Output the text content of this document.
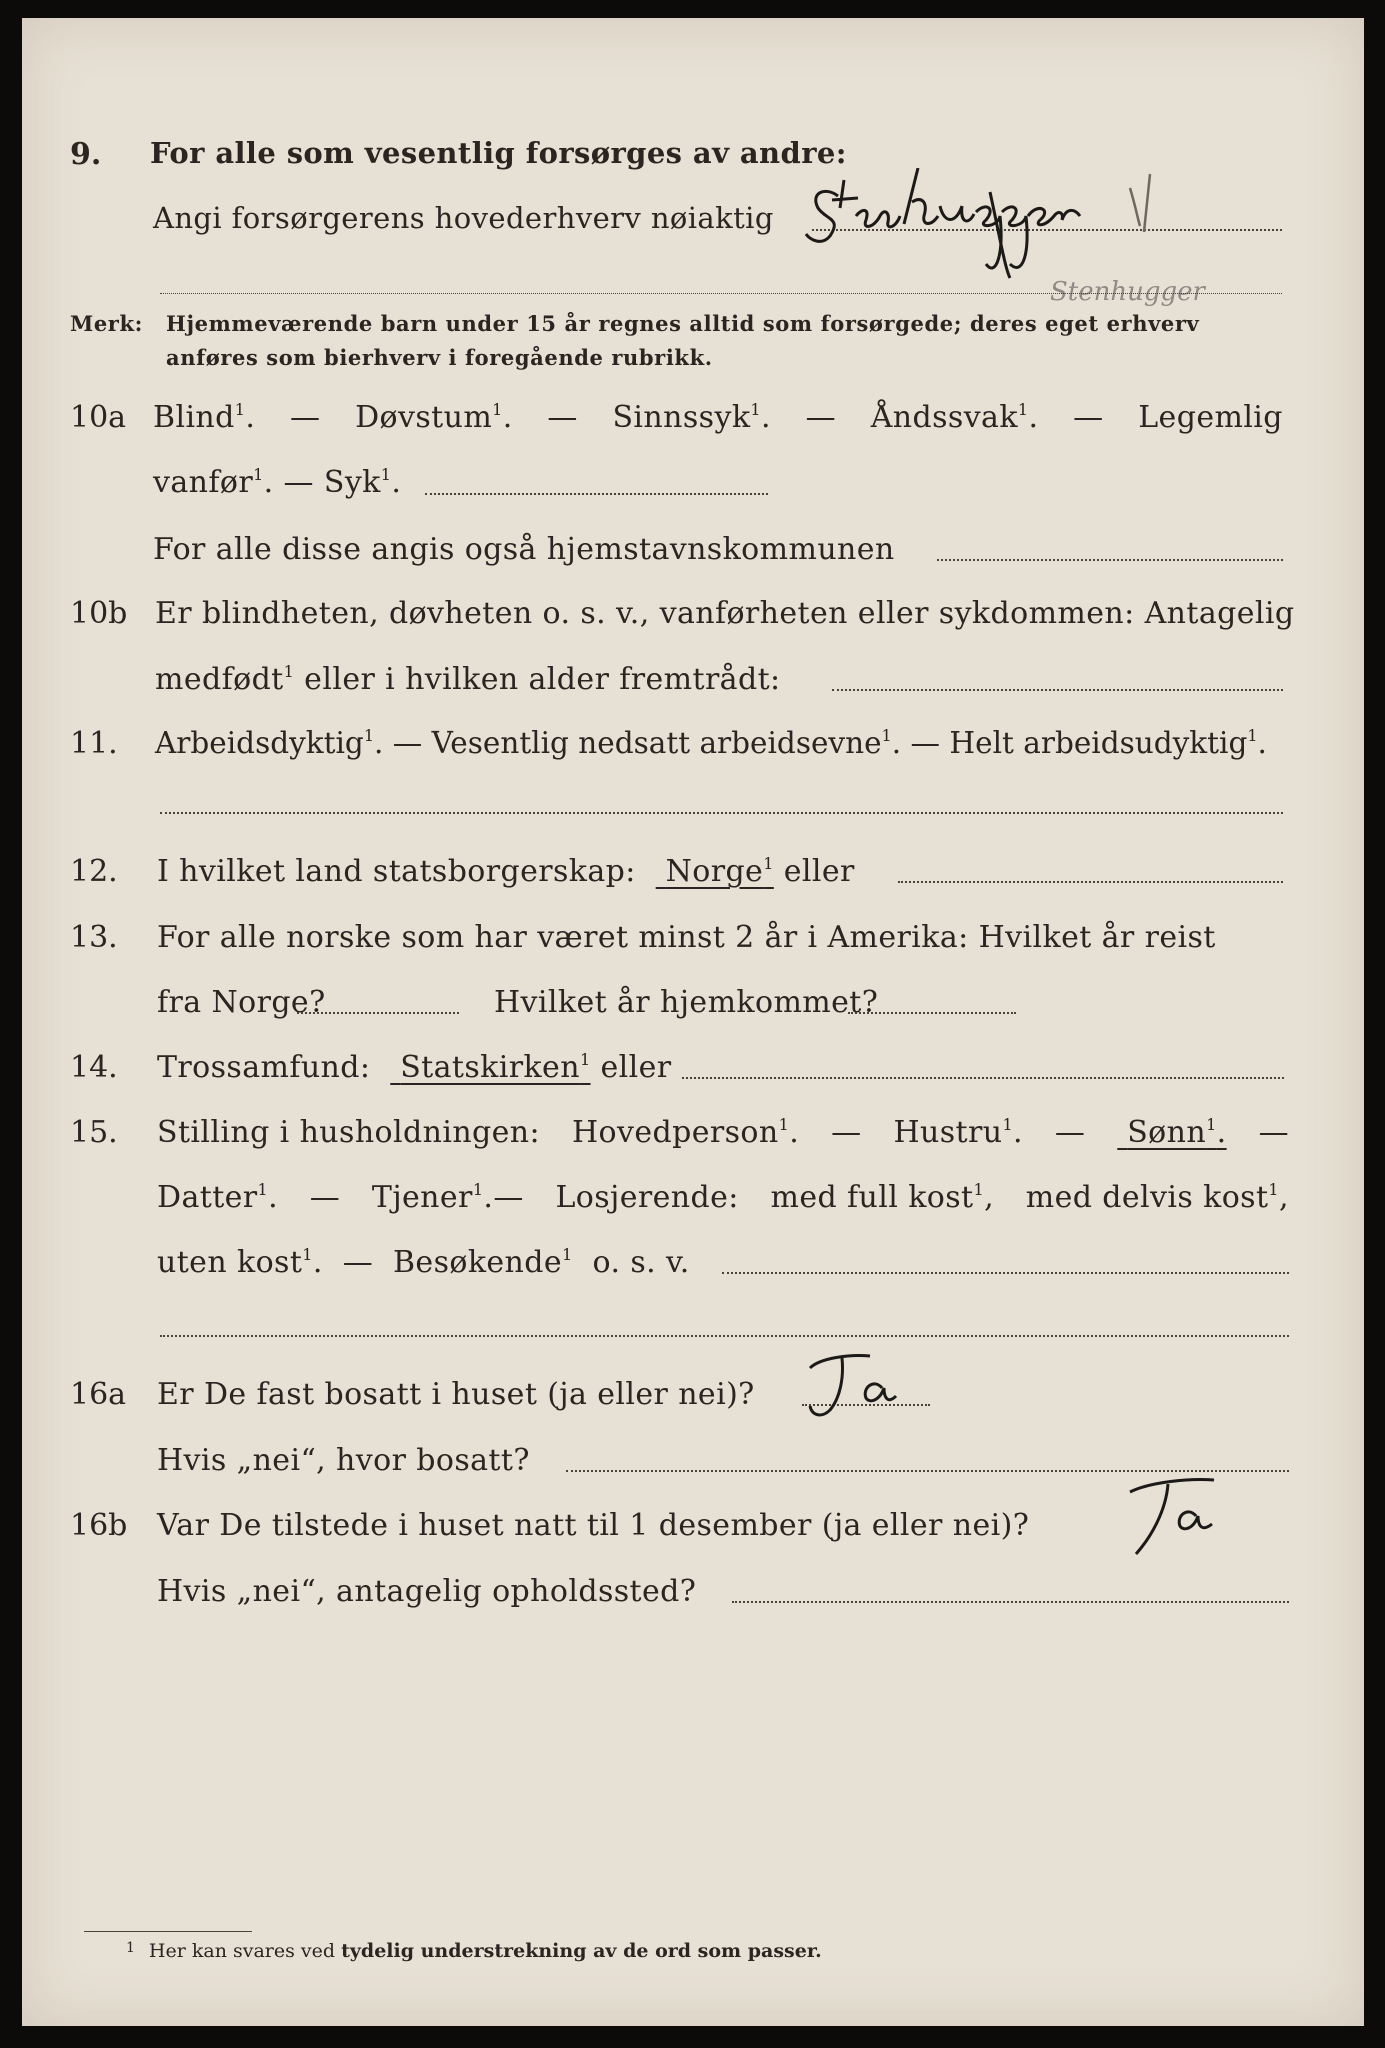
9. For alle som vesentlig forsørges av andre:
Angi forsørgerens hovederhverv nøiaktig
Stenhugger
Merk: Hjemmeværende barn under 15 år regnes alltid som forsørgede; deres eget erhverv
anføres som bierhverv i foregående rubrikk.
10a Blind$^1$. — Døvstum$^1$. — Sinnssyk$^1$. — Åndssvak$^1$. — Legemlig
vanfør$^1$. — Syk$^1$.
For alle disse angis også hjemstavnskommunen
10b Er blindheten, døvheten o. s. v., vanførheten eller sykdommen: Antagelig
medfødt$^1$ eller i hvilken alder fremtrådt:
11. Arbeidsdyktig$^1$. — Vesentlig nedsatt arbeidsevne$^1$. — Helt arbeidsudyktig$^1$.
12. I hvilket land statsborgerskap: Norge$^1$ eller
13. For alle norske som har været minst 2 år i Amerika: Hvilket år reist
fra Norge?	Hvilket år hjemkommet?
14. Trossamfund: Statskirken$^1$ eller
15. Stilling i husholdningen: Hovedperson$^1$. — Hustru$^1$. —	Sønn$^1$. —
Datter$^1$. — Tjener$^1$.— Losjerende: med full kost$^1$, med delvis kost$^1$,
uten kost$^1$. — Besøkende$^1$ o. s. v.
16a Er De fast bosatt i huset (ja eller nei)?
Ja
Hvis „nei“, hvor bosatt?
16b Var De tilstede i huset natt til 1 desember (ja eller nei)?
Ja
Hvis „nei“, antagelig opholdssted?
$^1$ Her kan svares ved tydelig understrekning av de ord som passer.
